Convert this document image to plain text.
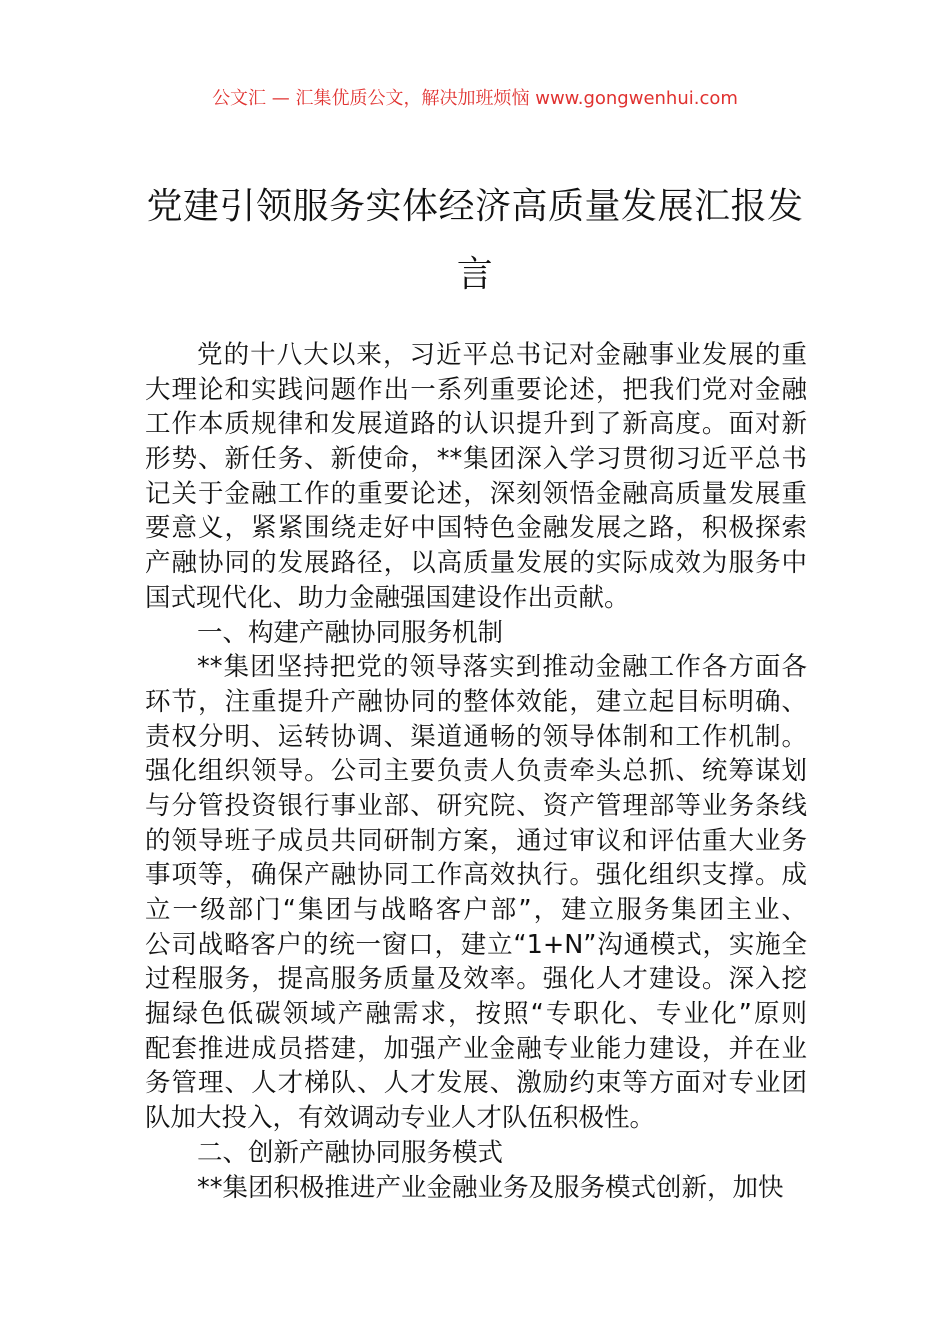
公文汇 — 汇集优质公文，解决加班烦恼 www.gongwenhui.com
党建引领服务实体经济高质量发展汇报发
言
党的十八大以来，习近平总书记对金融事业发展的重
大理论和实践问题作出一系列重要论述，把我们党对金融
工作本质规律和发展道路的认识提升到了新高度。面对新
形势、新任务、新使命，**集团深入学习贯彻习近平总书
记关于金融工作的重要论述，深刻领悟金融高质量发展重
要意义，紧紧围绕走好中国特色金融发展之路，积极探索
产融协同的发展路径，以高质量发展的实际成效为服务中
国式现代化、助力金融强国建设作出贡献。
一、构建产融协同服务机制
**集团坚持把党的领导落实到推动金融工作各方面各
环节，注重提升产融协同的整体效能，建立起目标明确、
责权分明、运转协调、渠道通畅的领导体制和工作机制。
强化组织领导。公司主要负责人负责牵头总抓、统筹谋划
与分管投资银行事业部、研究院、资产管理部等业务条线
的领导班子成员共同研制方案，通过审议和评估重大业务
事项等，确保产融协同工作高效执行。强化组织支撑。成
立一级部门“集团与战略客户部”，建立服务集团主业、
公司战略客户的统一窗口，建立“1+N”沟通模式，实施全
过程服务，提高服务质量及效率。强化人才建设。深入挖
掘绿色低碳领域产融需求，按照“专职化、专业化”原则
配套推进成员搭建，加强产业金融专业能力建设，并在业
务管理、人才梯队、人才发展、激励约束等方面对专业团
队加大投入，有效调动专业人才队伍积极性。
二、创新产融协同服务模式
**集团积极推进产业金融业务及服务模式创新，加快
